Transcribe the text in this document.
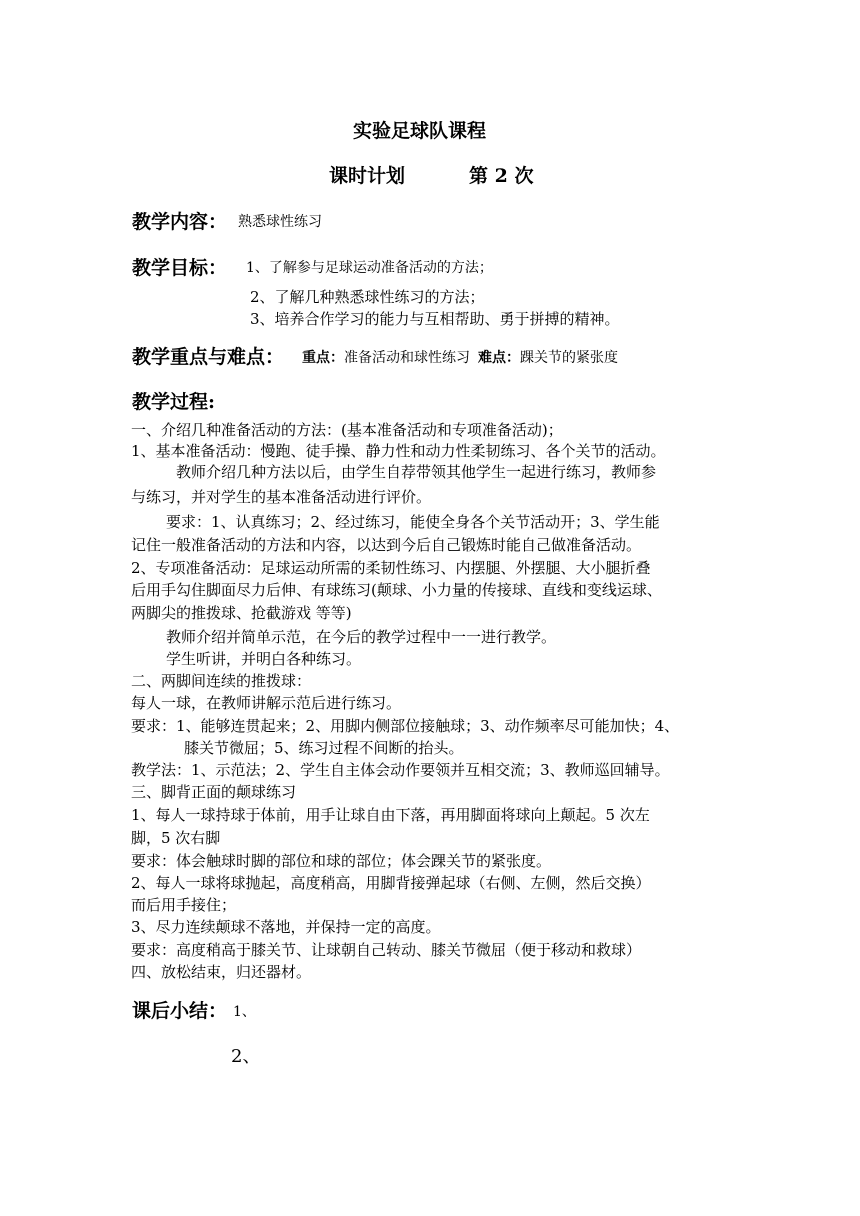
实验足球队课程
课时计划	第 2 次
教学内容： 熟悉球性练习
教学目标： 1、了解参与足球运动准备活动的方法；
2、了解几种熟悉球性练习的方法；
3、培养合作学习的能力与互相帮助、勇于拼搏的精神。
教学重点与难点： 重点：准备活动和球性练习 难点：踝关节的紧张度
教学过程:
一、介绍几种准备活动的方法：(基本准备活动和专项准备活动)；
1、基本准备活动：慢跑、徒手操、静力性和动力性柔韧练习、各个关节的活动。
教师介绍几种方法以后，由学生自荐带领其他学生一起进行练习，教师参
与练习，并对学生的基本准备活动进行评价。
要求：1、认真练习；2、经过练习，能使全身各个关节活动开；3、学生能
记住一般准备活动的方法和内容，以达到今后自己锻炼时能自己做准备活动。
2、专项准备活动：足球运动所需的柔韧性练习、内摆腿、外摆腿、大小腿折叠
后用手勾住脚面尽力后伸、有球练习(颠球、小力量的传接球、直线和变线运球、
两脚尖的推拨球、抢截游戏 等等)
教师介绍并简单示范，在今后的教学过程中一一进行教学。
学生听讲，并明白各种练习。
二、两脚间连续的推拨球：
每人一球，在教师讲解示范后进行练习。
要求：1、能够连贯起来；2、用脚内侧部位接触球；3、动作频率尽可能加快；4、
膝关节微屈；5、练习过程不间断的抬头。
教学法：1、示范法；2、学生自主体会动作要领并互相交流；3、教师巡回辅导。
三、脚背正面的颠球练习
1、每人一球持球于体前，用手让球自由下落，再用脚面将球向上颠起。5 次左
脚，5 次右脚
要求：体会触球时脚的部位和球的部位；体会踝关节的紧张度。
2、每人一球将球抛起，高度稍高，用脚背接弹起球（右侧、左侧，然后交换）
而后用手接住；
3、尽力连续颠球不落地，并保持一定的高度。
要求：高度稍高于膝关节、让球朝自己转动、膝关节微屈（便于移动和救球）
四、放松结束，归还器材。
课后小结： 1、
2、
